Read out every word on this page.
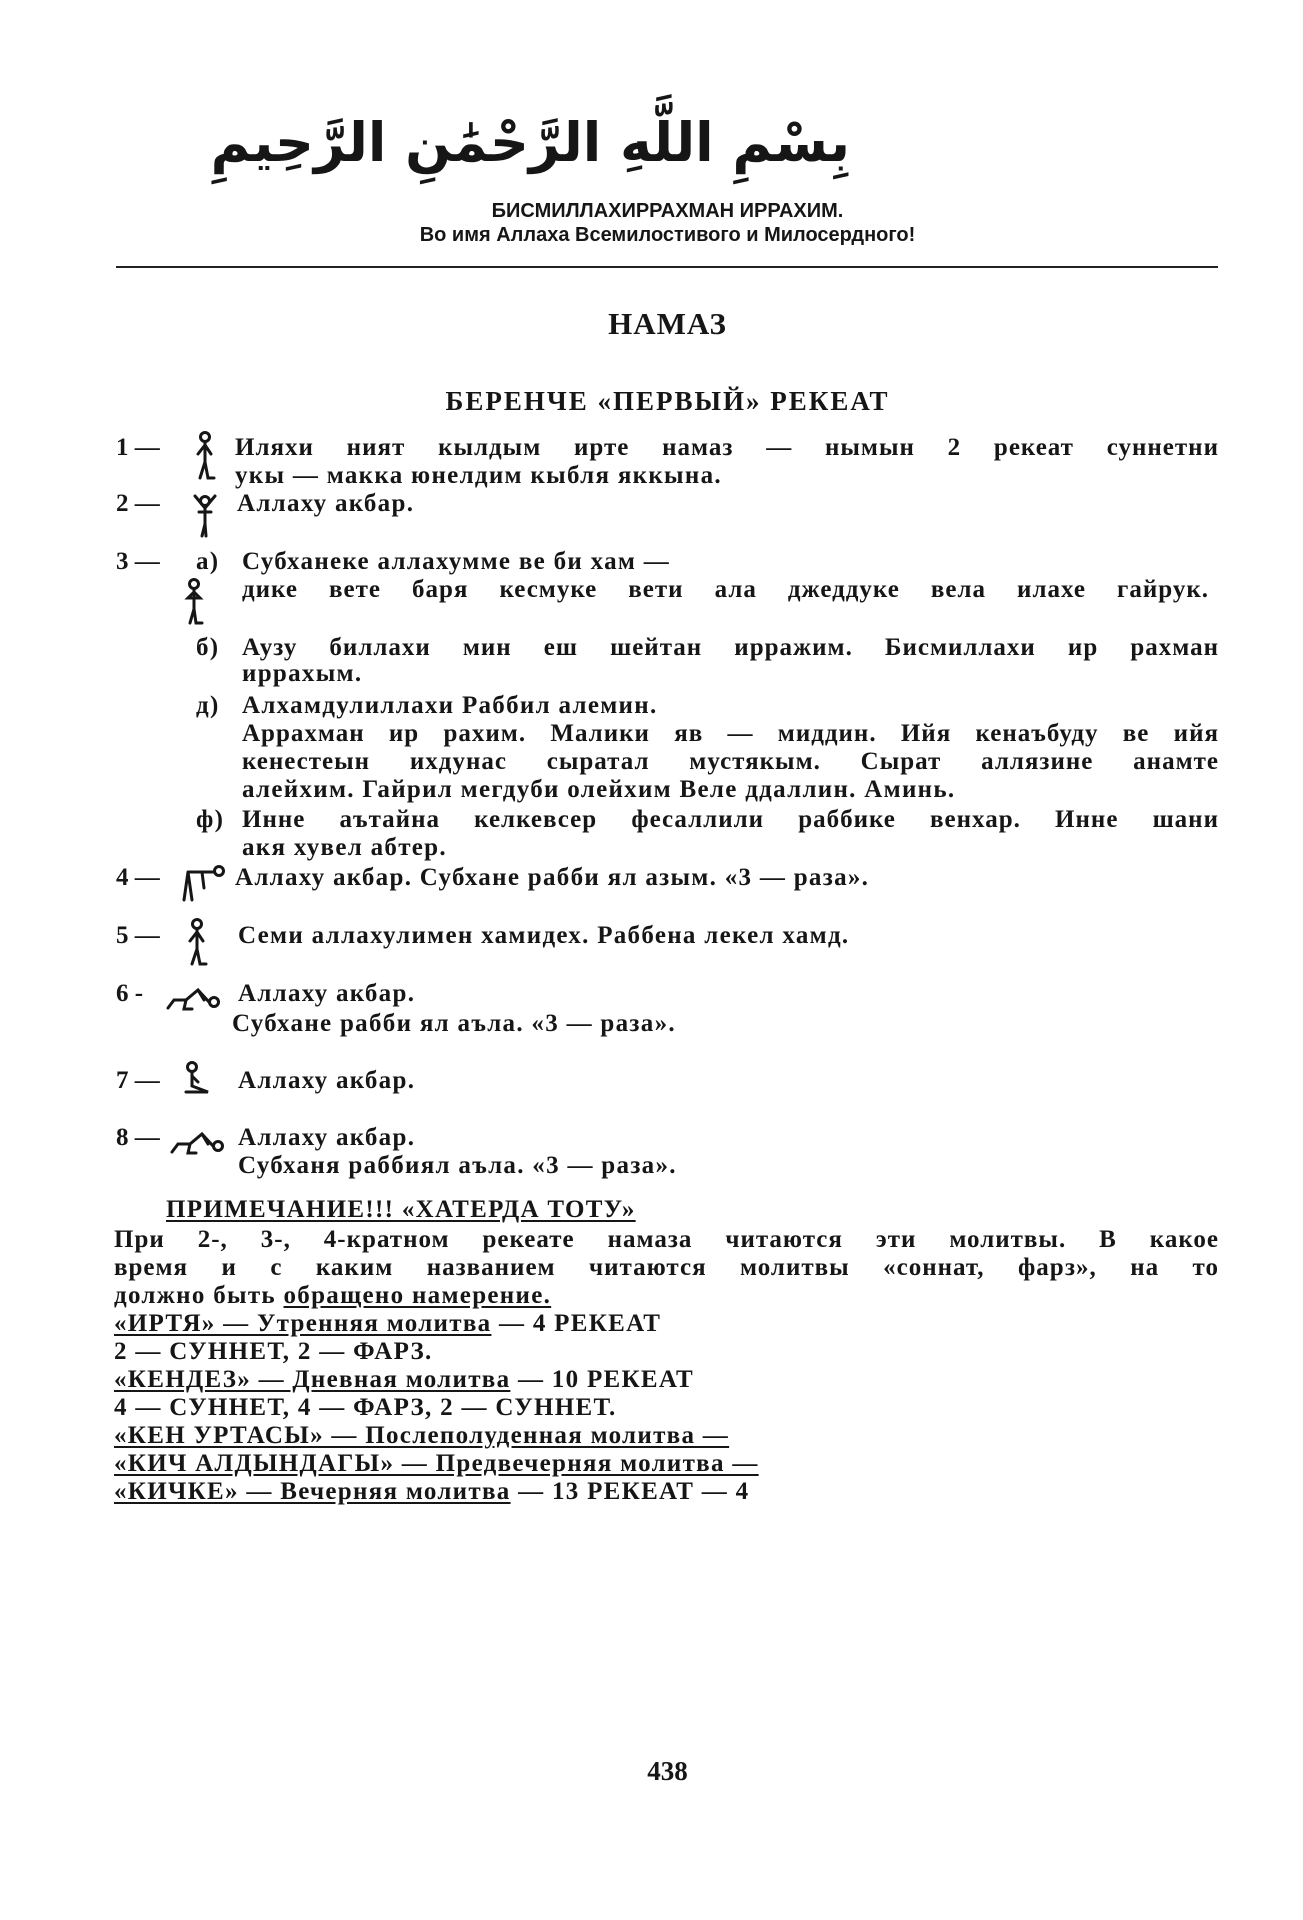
بِسْمِ اللَّهِ الرَّحْمَٰنِ الرَّحِيمِ
БИСМИЛЛАХИРРАХМАН ИРРАХИМ.
Во имя Аллаха Всемилостивого и Милосердного!
НАМАЗ
БЕРЕНЧЕ «ПЕРВЫЙ» РЕКЕАТ
1 —	Иляхи ният кылдым ирте намаз — нымын 2 рекеат суннетни
укы — макка юнелдим кыбля яккына.
2 —	Аллаху акбар.
3 — а) Субханеке аллахумме ве би хам —
дике вете баря кесмуке вети ала джеддуке вела илахе гайрук.
б) Аузу биллахи мин еш шейтан ирражим. Бисмиллахи ир рахман
иррахым.
д) Алхамдулиллахи Раббил алемин.
Аррахман ир рахим. Малики яв — миддин. Ийя кенаъбуду ве ийя
кенестеын ихдунас сыратал мустякым. Сырат аллязине анамте
алейхим. Гайрил мегдуби олейхим Веле ддаллин. Аминь.
ф) Инне аътайна келкевсер фесаллили раббике венхар. Инне шани
акя хувел абтер.
4 —	Аллаху акбар. Субхане рабби ял азым. «3 — раза».
5 —	Семи аллахулимен хамидех. Раббена лекел хамд.
6 -	Аллаху акбар.
Субхане рабби ял аъла. «3 — раза».
7 —	Аллаху акбар.
8 —	Аллаху акбар.
Субханя раббиял аъла. «3 — раза».
ПРИМЕЧАНИЕ!!! «ХАТЕРДА ТОТУ»
При 2-, 3-, 4-кратном рекеате намаза читаются эти молитвы. В какое
время и с каким названием читаются молитвы «соннат, фарз», на то
должно быть обращено намерение.
«ИРТЯ» — Утренняя молитва — 4 РЕКЕАТ
2 — СУННЕТ, 2 — ФАРЗ.
«КЕНДЕЗ» — Дневная молитва — 10 РЕКЕАТ
4 — СУННЕТ, 4 — ФАРЗ, 2 — СУННЕТ.
«КЕН УРТАСЫ» — Послеполуденная молитва —
«КИЧ АЛДЫНДАГЫ» — Предвечерняя молитва —
«КИЧКЕ» — Вечерняя молитва — 13 РЕКЕАТ — 4
438
